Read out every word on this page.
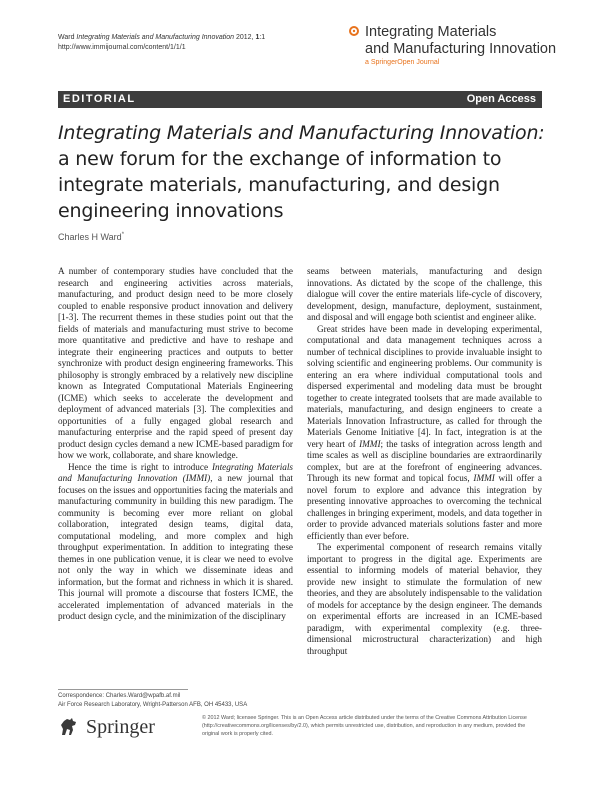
Ward Integrating Materials and Manufacturing Innovation 2012, 1:1
http://www.immijournal.com/content/1/1/1
Integrating Materials
and Manufacturing Innovation
a SpringerOpen Journal
EDITORIAL	Open Access
Integrating Materials and Manufacturing Innovation: a new forum for the exchange of information to integrate materials, manufacturing, and design engineering innovations
Charles H Ward*

A number of contemporary studies have concluded that the research and engineering activities across materials, manufacturing, and product design need to be more closely coupled to enable responsive product innovation and delivery [1-3]. The recurrent themes in these studies point out that the fields of materials and manufacturing must strive to become more quantitative and predictive and have to reshape and integrate their engineering practices and outputs to better synchronize with product design engineering frameworks. This philosophy is strongly embraced by a relatively new discipline known as Integrated Computational Materials Engineering (ICME) which seeks to accelerate the development and deployment of advanced materials [3]. The complexities and opportunities of a fully engaged global research and manufacturing enterprise and the rapid speed of present day product design cycles demand a new ICME-based paradigm for how we work, collaborate, and share knowledge.

Hence the time is right to introduce Integrating Materials and Manufacturing Innovation (IMMI), a new journal that focuses on the issues and opportunities facing the materials and manufacturing community in building this new paradigm. The community is becoming ever more reliant on global collaboration, integrated design teams, digital data, computational modeling, and more complex and high throughput experimentation. In addition to integrating these themes in one publication venue, it is clear we need to evolve not only the way in which we disseminate ideas and information, but the format and richness in which it is shared. This journal will promote a discourse that fosters ICME, the accelerated implementation of advanced materials in the product design cycle, and the minimization of the disciplinary

seams between materials, manufacturing and design innovations. As dictated by the scope of the challenge, this dialogue will cover the entire materials life-cycle of discovery, development, design, manufacture, deployment, sustainment, and disposal and will engage both scientist and engineer alike.

Great strides have been made in developing experimental, computational and data management techniques across a number of technical disciplines to provide invaluable insight to solving scientific and engineering problems. Our community is entering an era where individual computational tools and dispersed experimental and modeling data must be brought together to create integrated toolsets that are made available to materials, manufacturing, and design engineers to create a Materials Innovation Infrastructure, as called for through the Materials Genome Initiative [4]. In fact, integration is at the very heart of IMMI; the tasks of integration across length and time scales as well as discipline boundaries are extraordinarily complex, but are at the forefront of engineering advances. Through its new format and topical focus, IMMI will offer a novel forum to explore and advance this integration by presenting innovative approaches to overcoming the technical challenges in bringing experiment, models, and data together in order to provide advanced materials solutions faster and more efficiently than ever before.

The experimental component of research remains vitally important to progress in the digital age. Experiments are essential to informing models of material behavior, they provide new insight to stimulate the formulation of new theories, and they are absolutely indispensable to the validation of models for acceptance by the design engineer. The demands on experimental efforts are increased in an ICME-based paradigm, with experimental complexity (e.g. three-dimensional microstructural characterization) and high throughput

Correspondence: Charles.Ward@wpafb.af.mil
Air Force Research Laboratory, Wright-Patterson AFB, OH 45433, USA
Springer	© 2012 Ward; licensee Springer. This is an Open Access article distributed under the terms of the Creative Commons Attribution License (http://creativecommons.org/licenses/by/2.0), which permits unrestricted use, distribution, and reproduction in any medium, provided the original work is properly cited.
